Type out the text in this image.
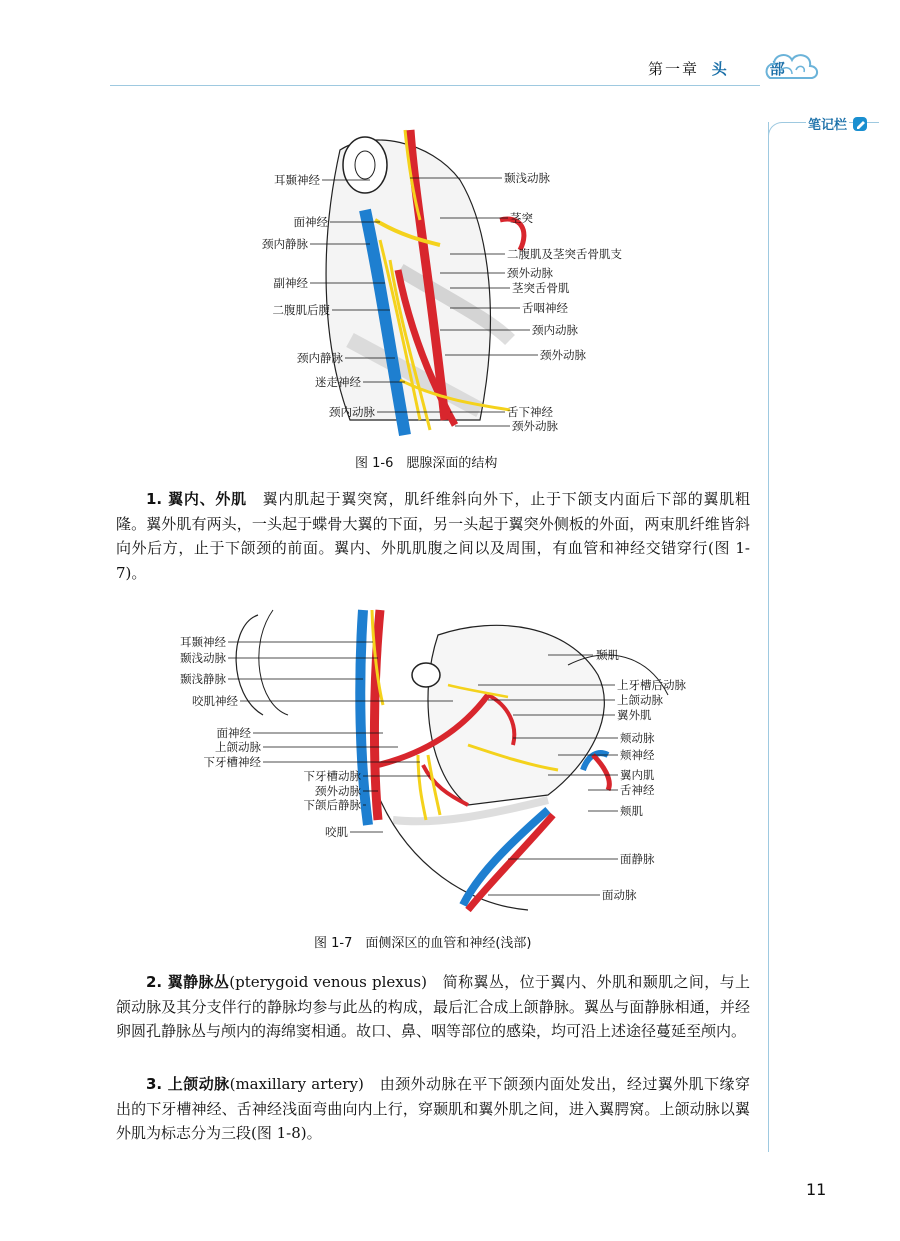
第一章 头　部
笔记栏
耳颞神经
面神经
颈内静脉
副神经
二腹肌后腹
颈内静脉
迷走神经
颈内动脉
颞浅动脉
茎突
二腹肌及茎突舌骨肌支
颈外动脉
茎突舌骨肌
舌咽神经
颈内动脉
颈外动脉
舌下神经
颈外动脉
图 1-6　腮腺深面的结构
1. 翼内、外肌　翼内肌起于翼突窝，肌纤维斜向外下，止于下颌支内面后下部的翼肌粗隆。翼外肌有两头，一头起于蝶骨大翼的下面，另一头起于翼突外侧板的外面，两束肌纤维皆斜向外后方，止于下颌颈的前面。翼内、外肌肌腹之间以及周围，有血管和神经交错穿行(图 1-7)。
耳颞神经
颞浅动脉
颞浅静脉
咬肌神经
面神经
上颌动脉
下牙槽神经
下牙槽动脉
颈外动脉
下颌后静脉
咬肌
颞肌
上牙槽后动脉
上颌动脉
翼外肌
颊动脉
颊神经
翼内肌
舌神经
颊肌
面静脉
面动脉
图 1-7　面侧深区的血管和神经(浅部)
2. 翼静脉丛(pterygoid venous plexus)　简称翼丛，位于翼内、外肌和颞肌之间，与上颌动脉及其分支伴行的静脉均参与此丛的构成，最后汇合成上颌静脉。翼丛与面静脉相通，并经卵圆孔静脉丛与颅内的海绵窦相通。故口、鼻、咽等部位的感染，均可沿上述途径蔓延至颅内。
3. 上颌动脉(maxillary artery)　由颈外动脉在平下颌颈内面处发出，经过翼外肌下缘穿出的下牙槽神经、舌神经浅面弯曲向内上行，穿颞肌和翼外肌之间，进入翼腭窝。上颌动脉以翼外肌为标志分为三段(图 1-8)。
11
